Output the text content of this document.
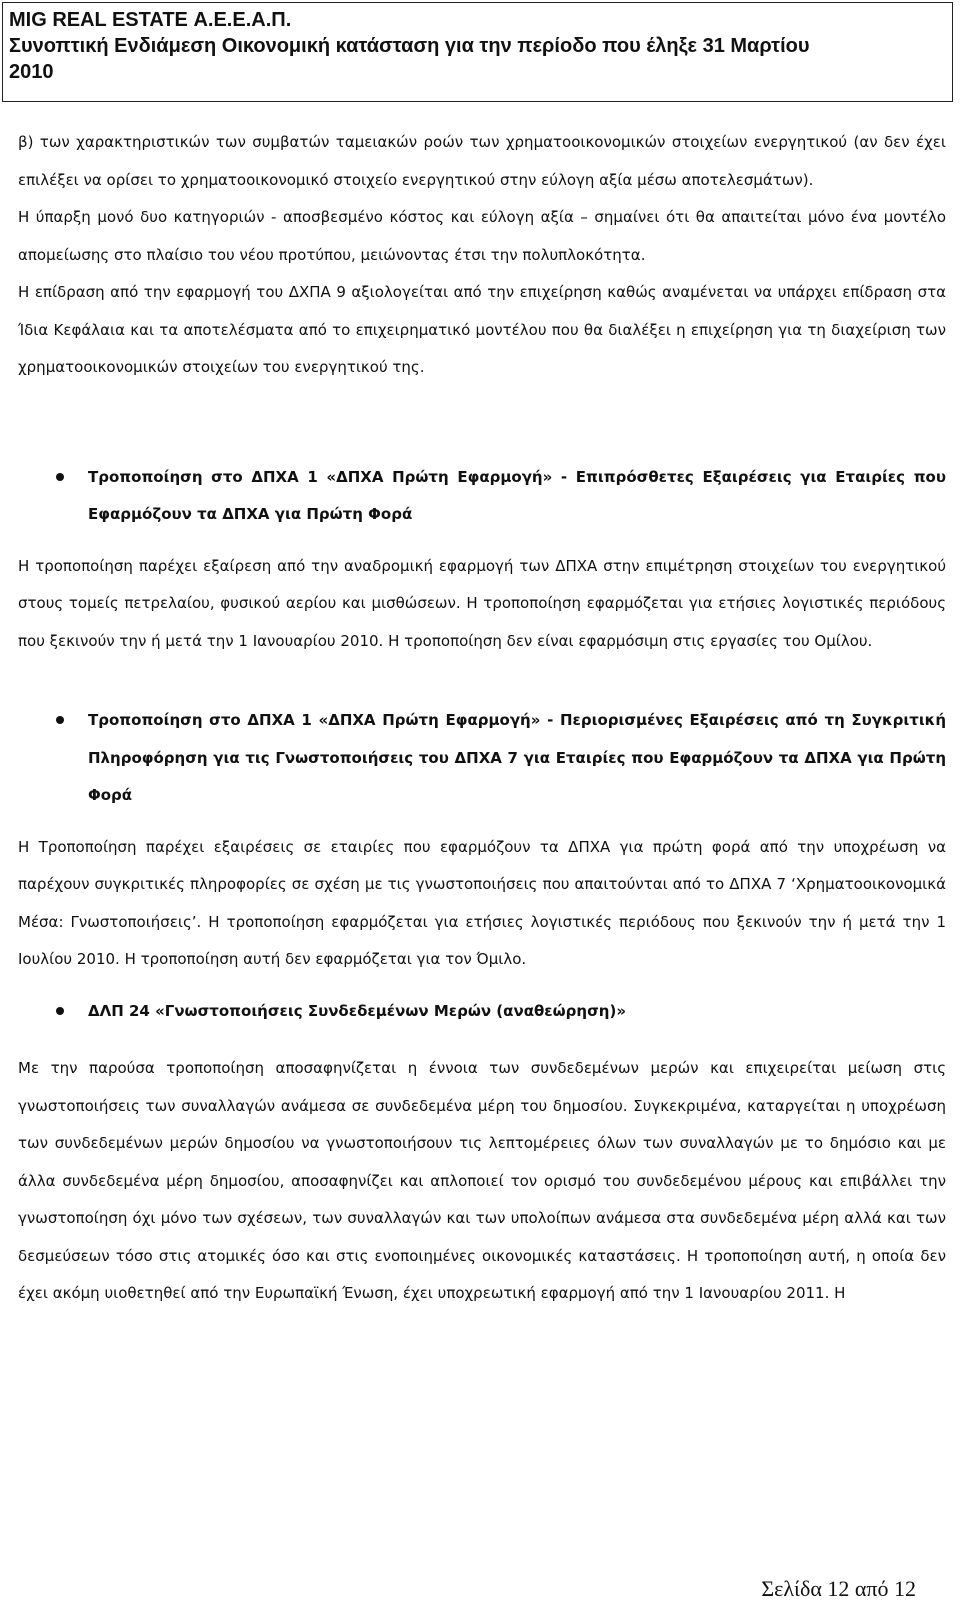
MIG REAL ESTATE Α.Ε.Ε.Α.Π.
Συνοπτική Ενδιάμεση Οικονομική κατάσταση για την περίοδο που έληξε 31 Μαρτίου
2010

β) των χαρακτηριστικών των συμβατών ταμειακών ροών των χρηματοοικονομικών στοιχείων ενεργητικού (αν δεν έχει επιλέξει να ορίσει το χρηματοοικονομικό στοιχείο ενεργητικού στην εύλογη αξία μέσω αποτελεσμάτων).

Η ύπαρξη μονό δυο κατηγοριών - αποσβεσμένο κόστος και εύλογη αξία – σημαίνει ότι θα απαιτείται μόνο ένα μοντέλο απομείωσης στο πλαίσιο του νέου προτύπου, μειώνοντας έτσι την πολυπλοκότητα.

Η επίδραση από την εφαρμογή του ΔΧΠΑ 9 αξιολογείται από την επιχείρηση καθώς αναμένεται να υπάρχει επίδραση στα Ίδια Κεφάλαια και τα αποτελέσματα από το επιχειρηματικό μοντέλου που θα διαλέξει η επιχείρηση για τη διαχείριση των χρηματοοικονομικών στοιχείων του ενεργητικού της.

Τροποποίηση στο ΔΠΧΑ 1 «ΔΠΧΑ Πρώτη Εφαρμογή» - Επιπρόσθετες Εξαιρέσεις για Εταιρίες που Εφαρμόζουν τα ΔΠΧΑ για Πρώτη Φορά

Η τροποποίηση παρέχει εξαίρεση από την αναδρομική εφαρμογή των ΔΠΧΑ στην επιμέτρηση στοιχείων του ενεργητικού στους τομείς πετρελαίου, φυσικού αερίου και μισθώσεων. Η τροποποίηση εφαρμόζεται για ετήσιες λογιστικές περιόδους που ξεκινούν την ή μετά την 1 Ιανουαρίου 2010. Η τροποποίηση δεν είναι εφαρμόσιμη στις εργασίες του Ομίλου.

Τροποποίηση στο ΔΠΧΑ 1 «ΔΠΧΑ Πρώτη Εφαρμογή» - Περιορισμένες Εξαιρέσεις από τη Συγκριτική Πληροφόρηση για τις Γνωστοποιήσεις του ΔΠΧΑ 7 για Εταιρίες που Εφαρμόζουν τα ΔΠΧΑ για Πρώτη Φορά

Η Τροποποίηση παρέχει εξαιρέσεις σε εταιρίες που εφαρμόζουν τα ΔΠΧΑ για πρώτη φορά από την υποχρέωση να παρέχουν συγκριτικές πληροφορίες σε σχέση με τις γνωστοποιήσεις που απαιτούνται από το ΔΠΧΑ 7 ‘Χρηματοοικονομικά Μέσα: Γνωστοποιήσεις’. Η τροποποίηση εφαρμόζεται για ετήσιες λογιστικές περιόδους που ξεκινούν την ή μετά την 1 Ιουλίου 2010. Η τροποποίηση αυτή δεν εφαρμόζεται για τον Όμιλο.

ΔΛΠ 24 «Γνωστοποιήσεις Συνδεδεμένων Μερών (αναθεώρηση)»

Με την παρούσα τροποποίηση αποσαφηνίζεται η έννοια των συνδεδεμένων μερών και επιχειρείται μείωση στις γνωστοποιήσεις των συναλλαγών ανάμεσα σε συνδεδεμένα μέρη του δημοσίου. Συγκεκριμένα, καταργείται η υποχρέωση των συνδεδεμένων μερών δημοσίου να γνωστοποιήσουν τις λεπτομέρειες όλων των συναλλαγών με το δημόσιο και με άλλα συνδεδεμένα μέρη δημοσίου, αποσαφηνίζει και απλοποιεί τον ορισμό του συνδεδεμένου μέρους και επιβάλλει την γνωστοποίηση όχι μόνο των σχέσεων, των συναλλαγών και των υπολοίπων ανάμεσα στα συνδεδεμένα μέρη αλλά και των δεσμεύσεων τόσο στις ατομικές όσο και στις ενοποιημένες οικονομικές καταστάσεις. Η τροποποίηση αυτή, η οποία δεν έχει ακόμη υιοθετηθεί από την Ευρωπαϊκή Ένωση, έχει υποχρεωτική εφαρμογή από την 1 Ιανουαρίου 2011. Η

Σελίδα 12 από 12
